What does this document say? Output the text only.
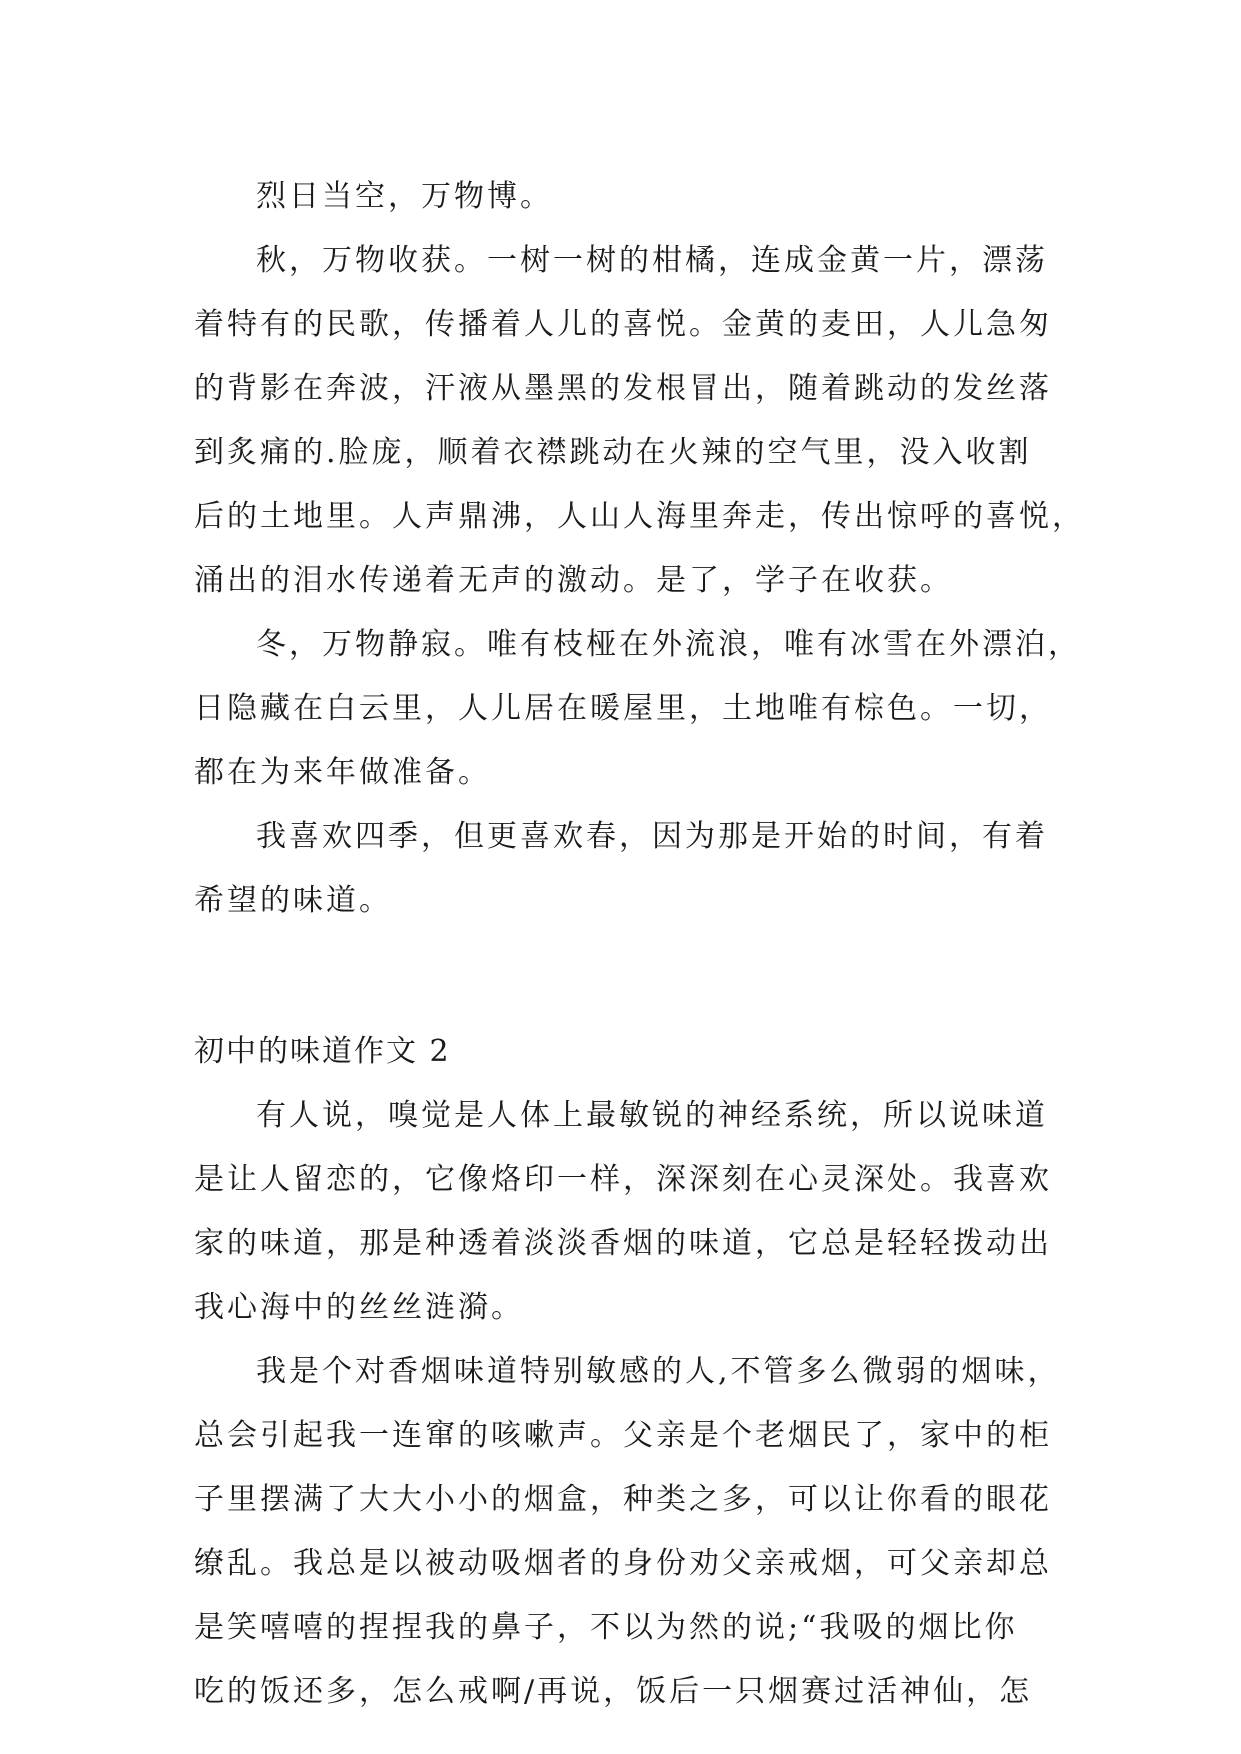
烈日当空，万物博。
秋，万物收获。一树一树的柑橘，连成金黄一片，漂荡
着特有的民歌，传播着人儿的喜悦。金黄的麦田，人儿急匆
的背影在奔波，汗液从墨黑的发根冒出，随着跳动的发丝落
到炙痛的.脸庞，顺着衣襟跳动在火辣的空气里，没入收割
后的土地里。人声鼎沸，人山人海里奔走，传出惊呼的喜悦，
涌出的泪水传递着无声的激动。是了，学子在收获。
冬，万物静寂。唯有枝桠在外流浪，唯有冰雪在外漂泊，
日隐藏在白云里，人儿居在暖屋里，土地唯有棕色。一切，
都在为来年做准备。
我喜欢四季，但更喜欢春，因为那是开始的时间，有着
希望的味道。
初中的味道作文 2
有人说，嗅觉是人体上最敏锐的神经系统，所以说味道
是让人留恋的，它像烙印一样，深深刻在心灵深处。我喜欢
家的味道，那是种透着淡淡香烟的味道，它总是轻轻拨动出
我心海中的丝丝涟漪。
我是个对香烟味道特别敏感的人,不管多么微弱的烟味，
总会引起我一连窜的咳嗽声。父亲是个老烟民了，家中的柜
子里摆满了大大小小的烟盒，种类之多，可以让你看的眼花
缭乱。我总是以被动吸烟者的身份劝父亲戒烟，可父亲却总
是笑嘻嘻的捏捏我的鼻子，不以为然的说;“我吸的烟比你
吃的饭还多，怎么戒啊/再说，饭后一只烟赛过活神仙，怎
